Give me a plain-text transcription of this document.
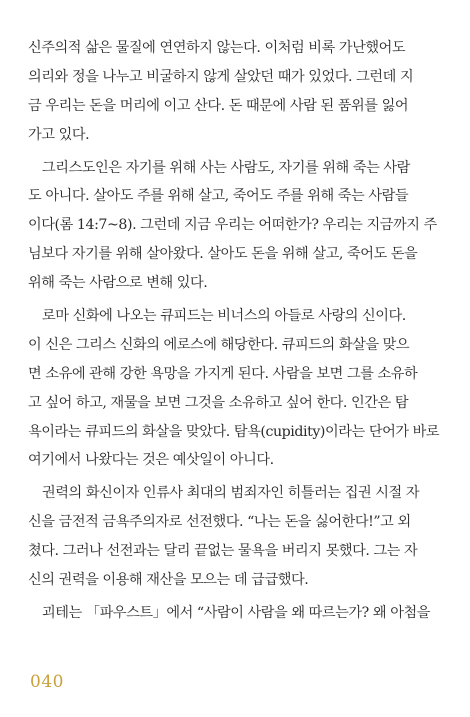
신주의적 삶은 물질에 연연하지 않는다. 이처럼 비록 가난했어도
의리와 정을 나누고 비굴하지 않게 살았던 때가 있었다. 그런데 지
금 우리는 돈을 머리에 이고 산다. 돈 때문에 사람 된 품위를 잃어
가고 있다.
그리스도인은 자기를 위해 사는 사람도, 자기를 위해 죽는 사람
도 아니다. 살아도 주를 위해 살고, 죽어도 주를 위해 죽는 사람들
이다(롬 14:7~8). 그런데 지금 우리는 어떠한가? 우리는 지금까지 주
님보다 자기를 위해 살아왔다. 살아도 돈을 위해 살고, 죽어도 돈을
위해 죽는 사람으로 변해 있다.
로마 신화에 나오는 큐피드는 비너스의 아들로 사랑의 신이다.
이 신은 그리스 신화의 에로스에 해당한다. 큐피드의 화살을 맞으
면 소유에 관해 강한 욕망을 가지게 된다. 사람을 보면 그를 소유하
고 싶어 하고, 재물을 보면 그것을 소유하고 싶어 한다. 인간은 탐
욕이라는 큐피드의 화살을 맞았다. 탐욕(cupidity)이라는 단어가 바로
여기에서 나왔다는 것은 예삿일이 아니다.
권력의 화신이자 인류사 최대의 범죄자인 히틀러는 집권 시절 자
신을 금전적 금욕주의자로 선전했다. “나는 돈을 싫어한다!”고 외
쳤다. 그러나 선전과는 달리 끝없는 물욕을 버리지 못했다. 그는 자
신의 권력을 이용해 재산을 모으는 데 급급했다.
괴테는 「파우스트」에서 “사람이 사람을 왜 따르는가? 왜 아첨을
040
